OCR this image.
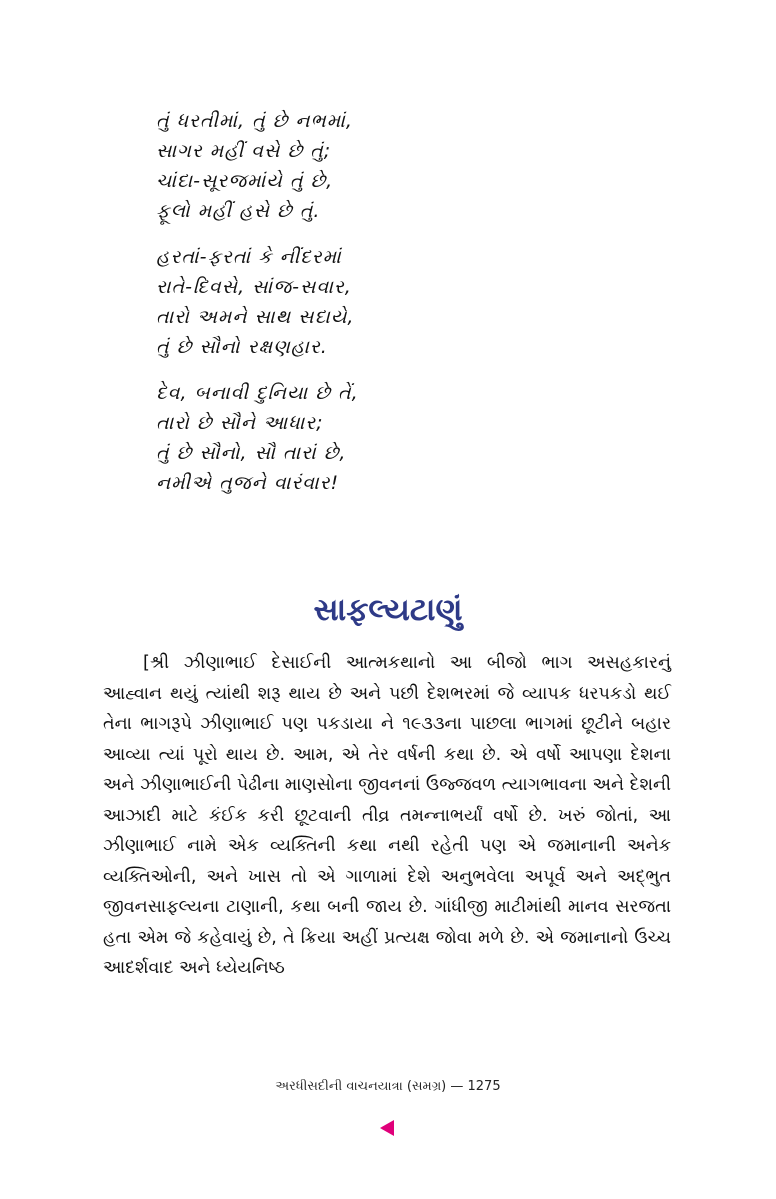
તું ધરતીમાં, તું છે નભમાં,
સાગર મહીં વસે છે તું;
ચાંદા-સૂરજમાંયે તું છે,
ફૂલો મહીં હસે છે તું.
હરતાં-ફરતાં કે નીંદરમાં
રાતે-દિવસે, સાંજ-સવાર,
તારો અમને સાથ સદાયે,
તું છે સૌનો રક્ષણહાર.
દેવ, બનાવી દુનિયા છે તેં,
તારો છે સૌને આધાર;
તું છે સૌનો, સૌ તારાં છે,
નમીએ તુજને વારંવાર!
સાફલ્યટાણું

[શ્રી ઝીણાભાઈ દેસાઈની આત્મકથાનો આ બીજો ભાગ અસહકારનું આહ્વાન થયું ત્યાંથી શરૂ થાય છે અને પછી દેશભરમાં જે વ્યાપક ધરપકડો થઈ તેના ભાગરૂપે ઝીણાભાઈ પણ પકડાયા ને ૧૯૩૩ના પાછલા ભાગમાં છૂટીને બહાર આવ્યા ત્યાં પૂરો થાય છે. આમ, એ તેર વર્ષની કથા છે. એ વર્ષો આપણા દેશના અને ઝીણાભાઈની પેઢીના માણસોના જીવનનાં ઉજ્જવળ ત્યાગભાવના અને દેશની આઝાદી માટે કંઈક કરી છૂટવાની તીવ્ર તમન્નાભર્યાં વર્ષો છે. ખરું જોતાં, આ ઝીણાભાઈ નામે એક વ્યક્તિની કથા નથી રહેતી પણ એ જમાનાની અનેક વ્યક્તિઓની, અને ખાસ તો એ ગાળામાં દેશે અનુભવેલા અપૂર્વ અને અદ્ભુત જીવનસાફલ્યના ટાણાની, કથા બની જાય છે. ગાંધીજી માટીમાંથી માનવ સરજતા હતા એમ જે કહેવાયું છે, તે ક્રિયા અહીં પ્રત્યક્ષ જોવા મળે છે. એ જમાનાનો ઉચ્ચ આદર્શવાદ અને ધ્યેયનિષ્ઠ

અરધીસદીની વાચનયાત્રા (સમગ્ર) — 1275
